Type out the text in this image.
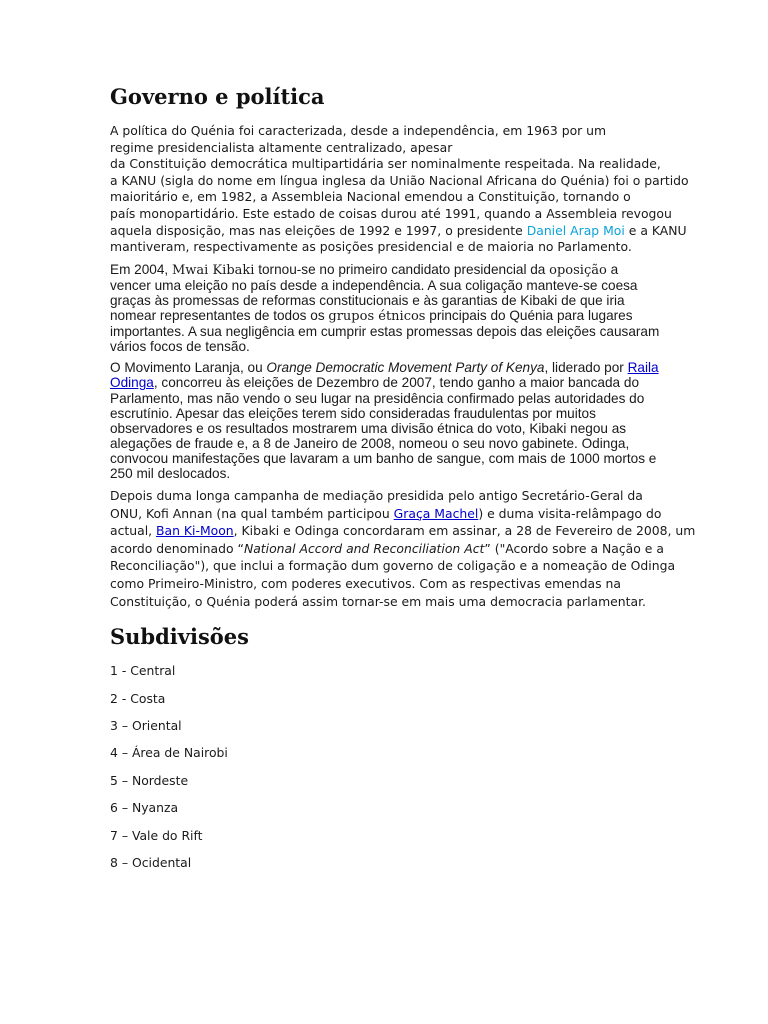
Governo e política

A política do Quénia foi caracterizada, desde a independência, em 1963 por um
regime presidencialista altamente centralizado, apesar
da Constituição democrática multipartidária ser nominalmente respeitada. Na realidade,
a KANU (sigla do nome em língua inglesa da União Nacional Africana do Quénia) foi o partido
maioritário e, em 1982, a Assembleia Nacional emendou a Constituição, tornando o
país monopartidário. Este estado de coisas durou até 1991, quando a Assembleia revogou
aquela disposição, mas nas eleições de 1992 e 1997, o presidente Daniel Arap Moi e a KANU
mantiveram, respectivamente as posições presidencial e de maioria no Parlamento.

Em 2004, Mwai Kibaki tornou-se no primeiro candidato presidencial da oposição a vencer uma eleição no país desde a independência. A sua coligação manteve-se coesa graças às promessas de reformas constitucionais e às garantias de Kibaki de que iria nomear representantes de todos os grupos étnicos principais do Quénia para lugares importantes. A sua negligência em cumprir estas promessas depois das eleições causaram vários focos de tensão.

O Movimento Laranja, ou Orange Democratic Movement Party of Kenya, liderado por Raila Odinga, concorreu às eleições de Dezembro de 2007, tendo ganho a maior bancada do Parlamento, mas não vendo o seu lugar na presidência confirmado pelas autoridades do escrutínio. Apesar das eleições terem sido consideradas fraudulentas por muitos observadores e os resultados mostrarem uma divisão étnica do voto, Kibaki negou as alegações de fraude e, a 8 de Janeiro de 2008, nomeou o seu novo gabinete. Odinga, convocou manifestações que lavaram a um banho de sangue, com mais de 1000 mortos e 250 mil deslocados.

Depois duma longa campanha de mediação presidida pelo antigo Secretário-Geral da
ONU, Kofi Annan (na qual também participou Graça Machel) e duma visita-relâmpago do
actual, Ban Ki-Moon, Kibaki e Odinga concordaram em assinar, a 28 de Fevereiro de 2008, um
acordo denominado “National Accord and Reconciliation Act” ("Acordo sobre a Nação e a
Reconciliação"), que inclui a formação dum governo de coligação e a nomeação de Odinga
como Primeiro-Ministro, com poderes executivos. Com as respectivas emendas na
Constituição, o Quénia poderá assim tornar-se em mais uma democracia parlamentar.

Subdivisões
1 - Central
2 - Costa
3 – Oriental
4 – Área de Nairobi
5 – Nordeste
6 – Nyanza
7 – Vale do Rift
8 – Ocidental
